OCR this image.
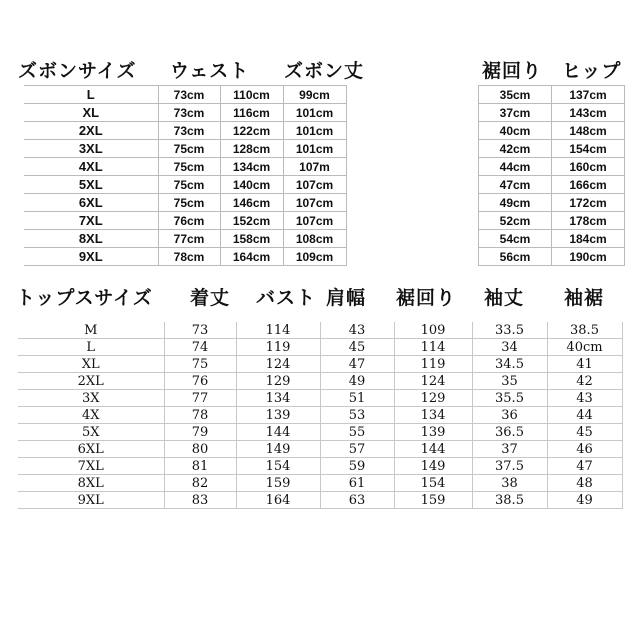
ズボンサイズ ウェスト ズボン丈	裾回り ヒップ
L	73cm	110cm	99cm
XL	73cm	116cm	101cm
2XL	73cm	122cm	101cm
3XL	75cm	128cm	101cm
4XL	75cm	134cm	107m
5XL	75cm	140cm	107cm
6XL	75cm	146cm	107cm
7XL	76cm	152cm	107cm
8XL	77cm	158cm	108cm
9XL	78cm	164cm	109cm
35cm	137cm
37cm	143cm
40cm	148cm
42cm	154cm
44cm	160cm
47cm	166cm
49cm	172cm
52cm	178cm
54cm	184cm
56cm	190cm
トップスサイズ 着丈 バスト 肩幅 裾回り 袖丈 袖裾
M	73	114	43	109	33.5	38.5
L	74	119	45	114	34	40cm
XL	75	124	47	119	34.5	41
2XL	76	129	49	124	35	42
3X	77	134	51	129	35.5	43
4X	78	139	53	134	36	44
5X	79	144	55	139	36.5	45
6XL	80	149	57	144	37	46
7XL	81	154	59	149	37.5	47
8XL	82	159	61	154	38	48
9XL	83	164	63	159	38.5	49
